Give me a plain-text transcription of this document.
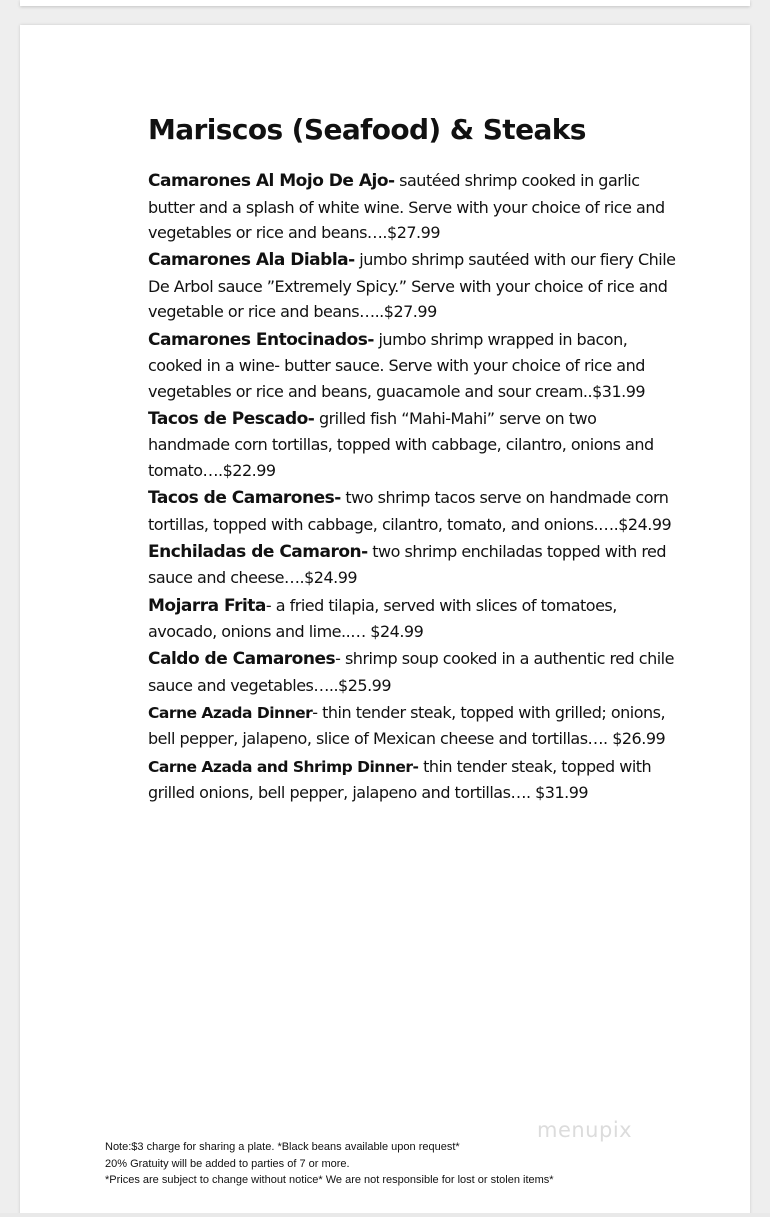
Mariscos (Seafood) & Steaks

Camarones Al Mojo De Ajo- sautéed shrimp cooked in garlic butter and a splash of white wine. Serve with your choice of rice and vegetables or rice and beans….$27.99

Camarones Ala Diabla- jumbo shrimp sautéed with our fiery Chile De Arbol sauce ”Extremely Spicy.” Serve with your choice of rice and vegetable or rice and beans…..$27.99

Camarones Entocinados- jumbo shrimp wrapped in bacon, cooked in a wine- butter sauce. Serve with your choice of rice and vegetables or rice and beans, guacamole and sour cream..$31.99

Tacos de Pescado- grilled fish “Mahi-Mahi” serve on two handmade corn tortillas, topped with cabbage, cilantro, onions and tomato….$22.99

Tacos de Camarones- two shrimp tacos serve on handmade corn tortillas, topped with cabbage, cilantro, tomato, and onions.….$24.99

Enchiladas de Camaron- two shrimp enchiladas topped with red sauce and cheese….$24.99

Mojarra Frita- a fried tilapia, served with slices of tomatoes, avocado, onions and lime..… $24.99

Caldo de Camarones- shrimp soup cooked in a authentic red chile sauce and vegetables…..$25.99

Carne Azada Dinner- thin tender steak, topped with grilled; onions, bell pepper, jalapeno, slice of Mexican cheese and tortillas…. $26.99

Carne Azada and Shrimp Dinner- thin tender steak, topped with grilled onions, bell pepper, jalapeno and tortillas…. $31.99

menupix
Note:$3 charge for sharing a plate. *Black beans available upon request*
20% Gratuity will be added to parties of 7 or more.
*Prices are subject to change without notice* We are not responsible for lost or stolen items*
